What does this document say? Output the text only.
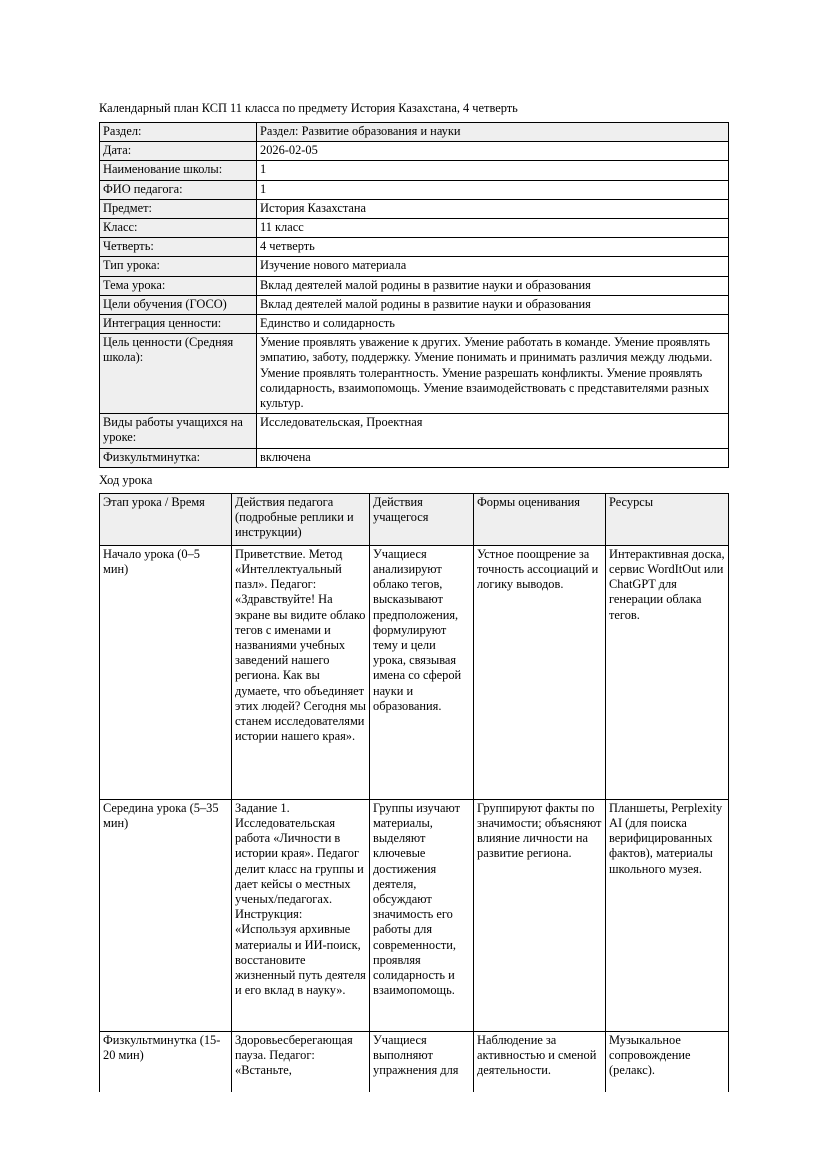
Календарный план КСП 11 класса по предмету История Казахстана, 4 четверть
Раздел:	Раздел: Развитие образования и науки
Дата:	2026-02-05
Наименование школы:	1
ФИО педагога:	1
Предмет:	История Казахстана
Класс:	11 класс
Четверть:	4 четверть
Тип урока:	Изучение нового материала
Тема урока:	Вклад деятелей малой родины в развитие науки и образования
Цели обучения (ГОСО)	Вклад деятелей малой родины в развитие науки и образования
Интеграция ценности:	Единство и солидарность
Цель ценности (Средняя школа):	Умение проявлять уважение к других. Умение работать в команде. Умение проявлять эмпатию, заботу, поддержку. Умение понимать и принимать различия между людьми. Умение проявлять толерантность. Умение разрешать конфликты. Умение проявлять солидарность, взаимопомощь. Умение взаимодействовать с представителями разных культур.
Виды работы учащихся на уроке:	Исследовательская, Проектная
Физкультминутка:	включена
Ход урока
Этап урока / Время	Действия педагога (подробные реплики и инструкции)	Действия учащегося	Формы оценивания	Ресурсы
Начало урока (0–5 мин)	Приветствие. Метод «Интеллектуальный пазл». Педагог: «Здравствуйте! На экране вы видите облако тегов с именами и названиями учебных заведений нашего региона. Как вы думаете, что объединяет этих людей? Сегодня мы станем исследователями истории нашего края».	Учащиеся анализируют облако тегов, высказывают предположения, формулируют тему и цели урока, связывая имена со сферой науки и образования.	Устное поощрение за точность ассоциаций и логику выводов.	Интерактивная доска, сервис WordItOut или ChatGPT для генерации облака тегов.
Середина урока (5–35 мин)	Задание 1. Исследовательская работа «Личности в истории края». Педагог делит класс на группы и дает кейсы о местных ученых/педагогах. Инструкция: «Используя архивные материалы и ИИ-поиск, восстановите жизненный путь деятеля и его вклад в науку».	Группы изучают материалы, выделяют ключевые достижения деятеля, обсуждают значимость его работы для современности, проявляя солидарность и взаимопомощь.	Группируют факты по значимости; объясняют влияние личности на развитие региона.	Планшеты, Perplexity AI (для поиска верифицированных фактов), материалы школьного музея.
Физкультминутка (15-20 мин)	Здоровьесберегающая пауза. Педагог: «Встаньте,	Учащиеся выполняют упражнения для	Наблюдение за активностью и сменой деятельности.	Музыкальное сопровождение (релакс).
